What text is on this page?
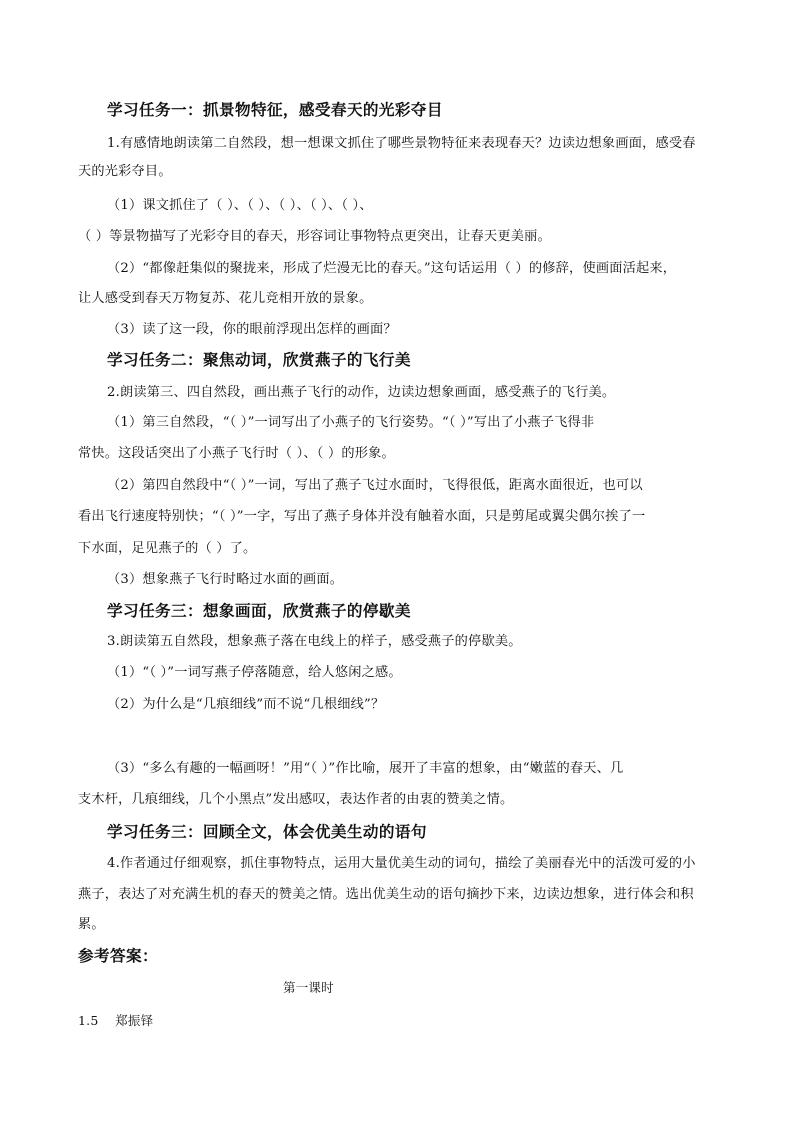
学习任务一：抓景物特征，感受春天的光彩夺目
1.有感情地朗读第二自然段，想一想课文抓住了哪些景物特征来表现春天？边读边想象画面，感受春
天的光彩夺目。
（1）课文抓住了（ ）、（ ）、（ ）、（ ）、（ ）、
（ ）等景物描写了光彩夺目的春天，形容词让事物特点更突出，让春天更美丽。
（2）“都像赶集似的聚拢来，形成了烂漫无比的春天。”这句话运用（ ）的修辞，使画面活起来，
让人感受到春天万物复苏、花儿竞相开放的景象。
（3）读了这一段，你的眼前浮现出怎样的画面？
学习任务二：聚焦动词，欣赏燕子的飞行美
2.朗读第三、四自然段，画出燕子飞行的动作，边读边想象画面，感受燕子的飞行美。
（1）第三自然段，“（ ）”一词写出了小燕子的飞行姿势。“（ ）”写出了小燕子飞得非
常快。这段话突出了小燕子飞行时（ ）、（ ）的形象。
（2）第四自然段中“（ ）”一词，写出了燕子飞过水面时，飞得很低，距离水面很近，也可以
看出飞行速度特别快；“（ ）”一字，写出了燕子身体并没有触着水面，只是剪尾或翼尖偶尔挨了一
下水面，足见燕子的（ ）了。
（3）想象燕子飞行时略过水面的画面。
学习任务三：想象画面，欣赏燕子的停歇美
3.朗读第五自然段，想象燕子落在电线上的样子，感受燕子的停歇美。
（1）“（ ）”一词写燕子停落随意，给人悠闲之感。
（2）为什么是“几痕细线”而不说“几根细线”？
（3）“多么有趣的一幅画呀！”用“（ ）”作比喻，展开了丰富的想象，由“嫩蓝的春天、几
支木杆，几痕细线，几个小黑点”发出感叹，表达作者的由衷的赞美之情。
学习任务三：回顾全文，体会优美生动的语句
4.作者通过仔细观察，抓住事物特点，运用大量优美生动的词句，描绘了美丽春光中的活泼可爱的小
燕子，表达了对充满生机的春天的赞美之情。选出优美生动的语句摘抄下来，边读边想象，进行体会和积
累。
参考答案：
第一课时
1.5    郑振铎
